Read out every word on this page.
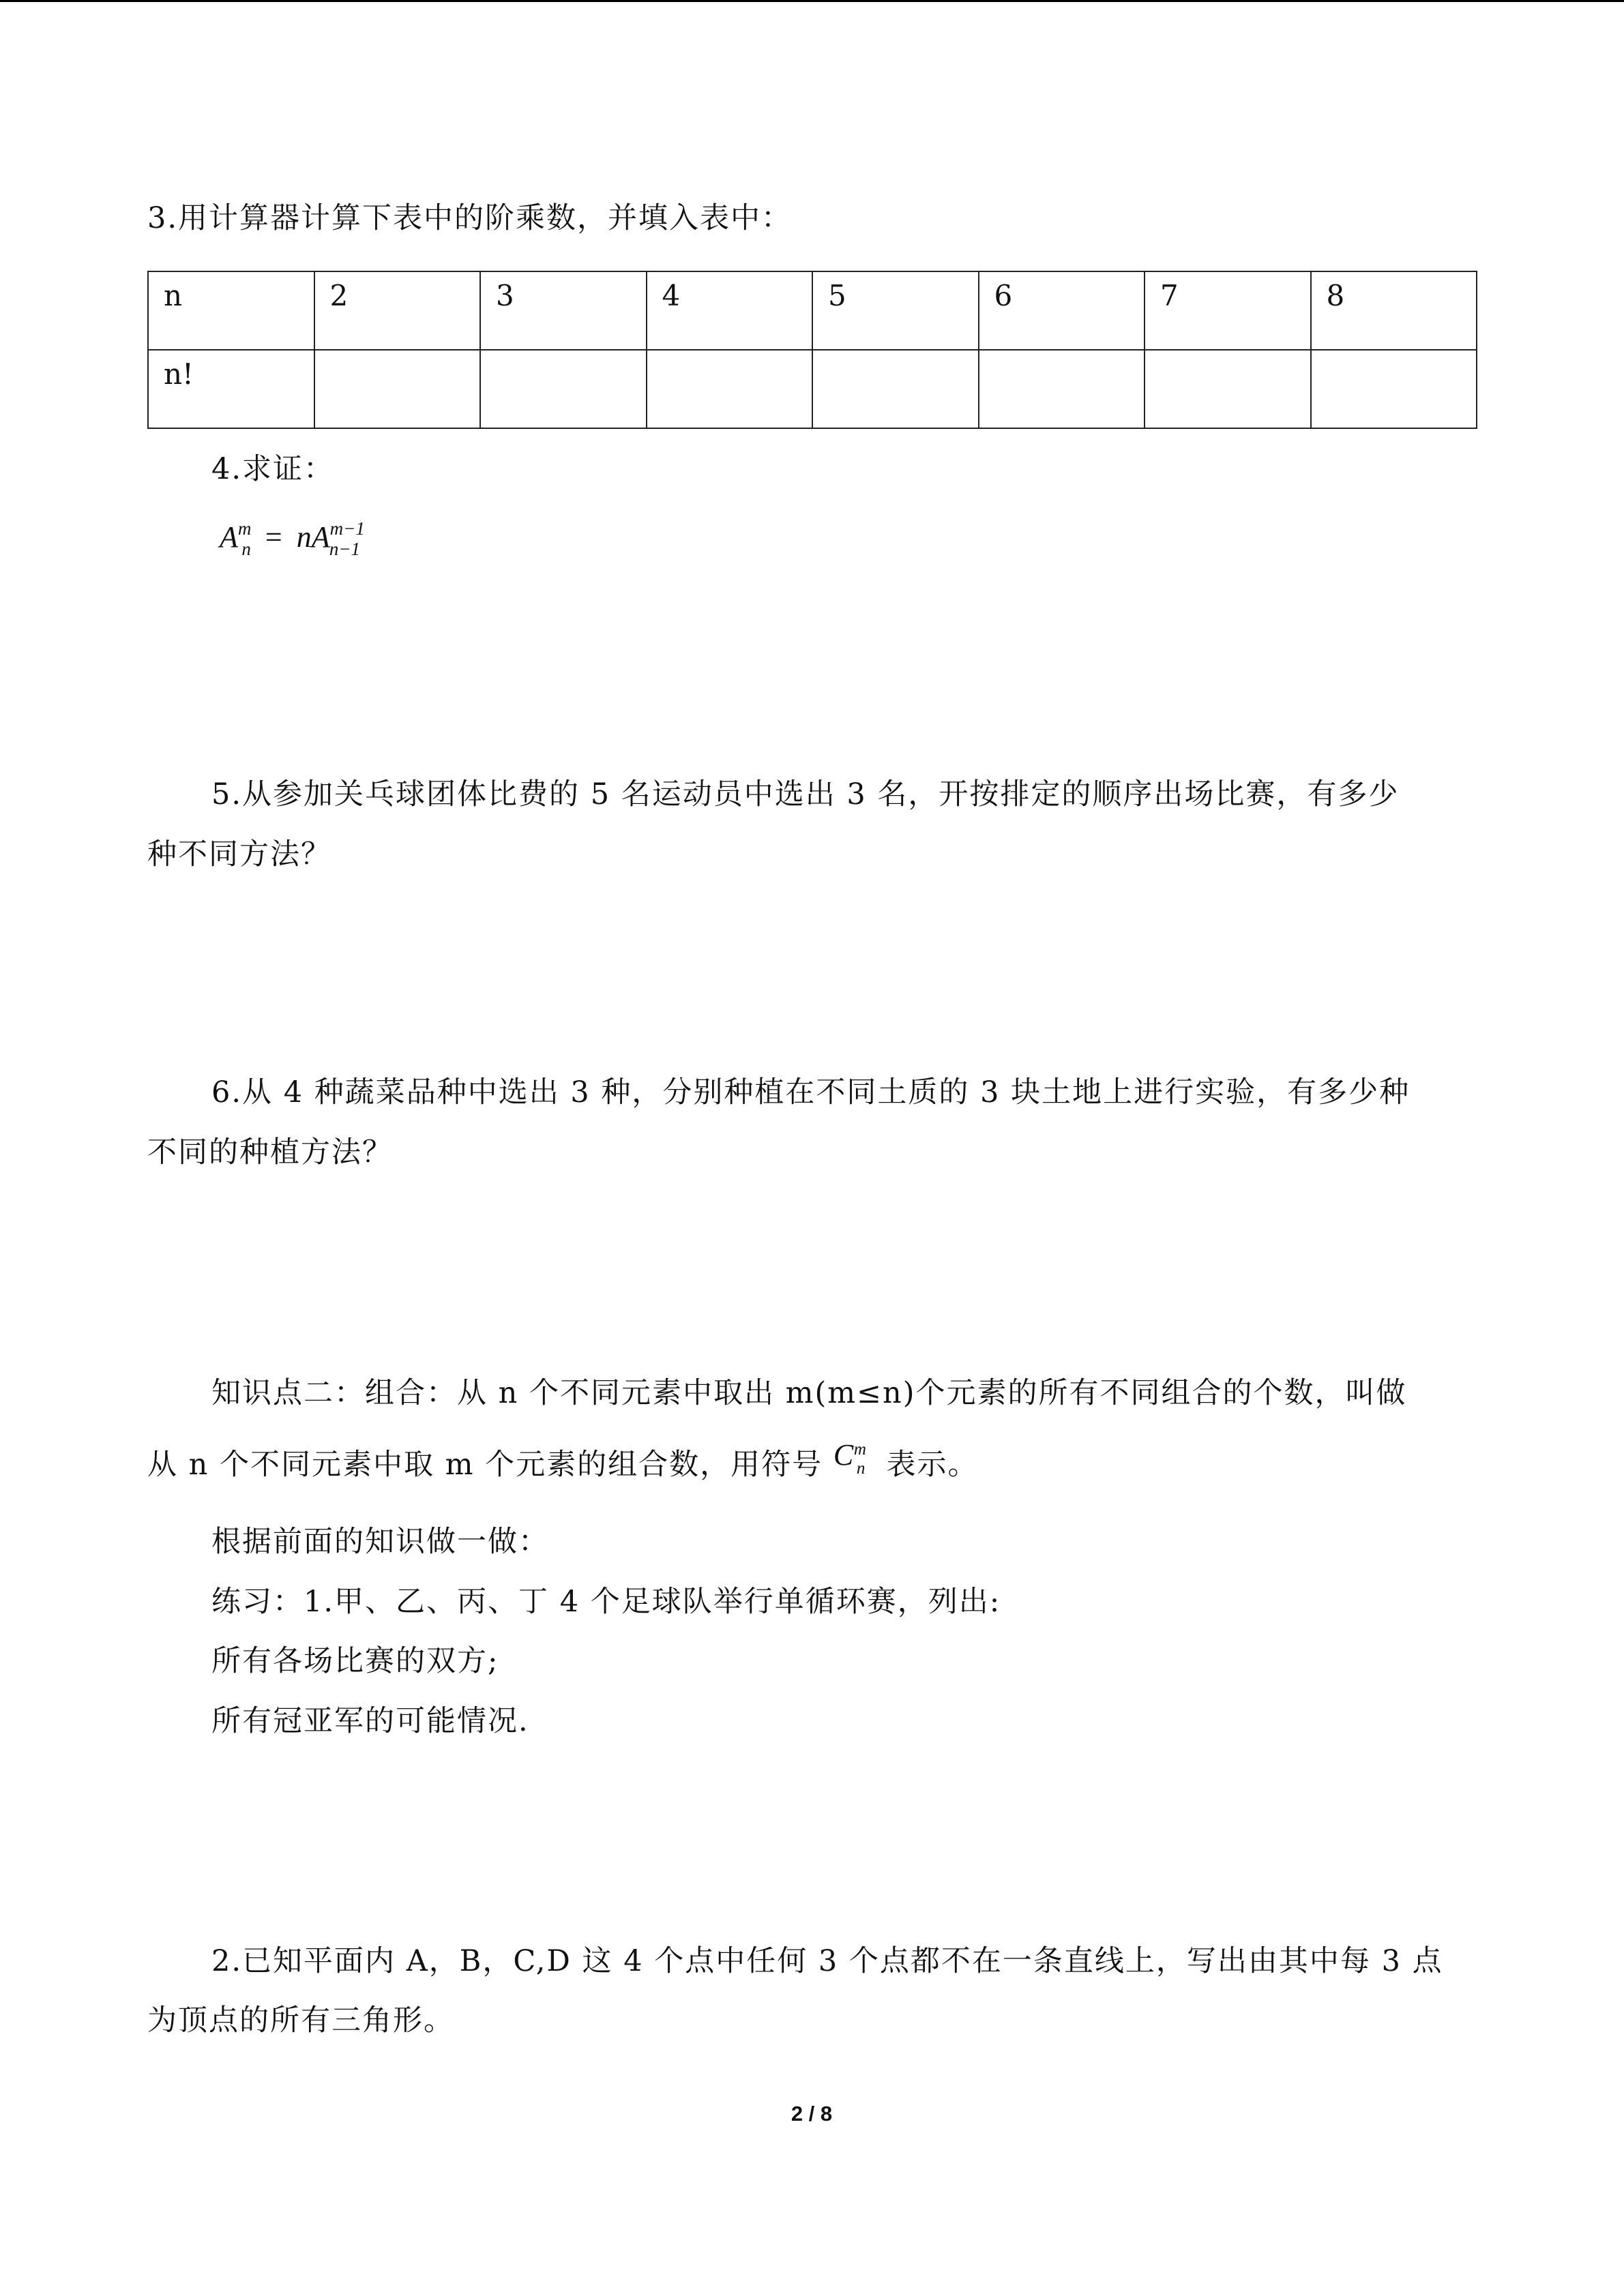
3.用计算器计算下表中的阶乘数，并填入表中：
n	2	3	4	5	6	7	8
n!							
4.求证：
$A^m_n = nA^{m-1}_{n-1}$
5.从参加关乓球团体比费的 5 名运动员中选出 3 名，开按排定的顺序出场比赛，有多少
种不同方法？
6.从 4 种蔬菜品种中选出 3 种，分别种植在不同土质的 3 块土地上进行实验，有多少种
不同的种植方法？
知识点二：组合：从 n 个不同元素中取出 m(m≤n)个元素的所有不同组合的个数，叫做
从 n 个不同元素中取 m 个元素的组合数，用符号 C
m
n 表示。
根据前面的知识做一做：
练习：1.甲、乙、丙、丁 4 个足球队举行单循环赛，列出:
所有各场比赛的双方;
所有冠亚军的可能情况.
2.已知平面内 A，B，C,D 这 4 个点中任何 3 个点都不在一条直线上，写出由其中每 3 点
为顶点的所有三角形。
2 / 8
